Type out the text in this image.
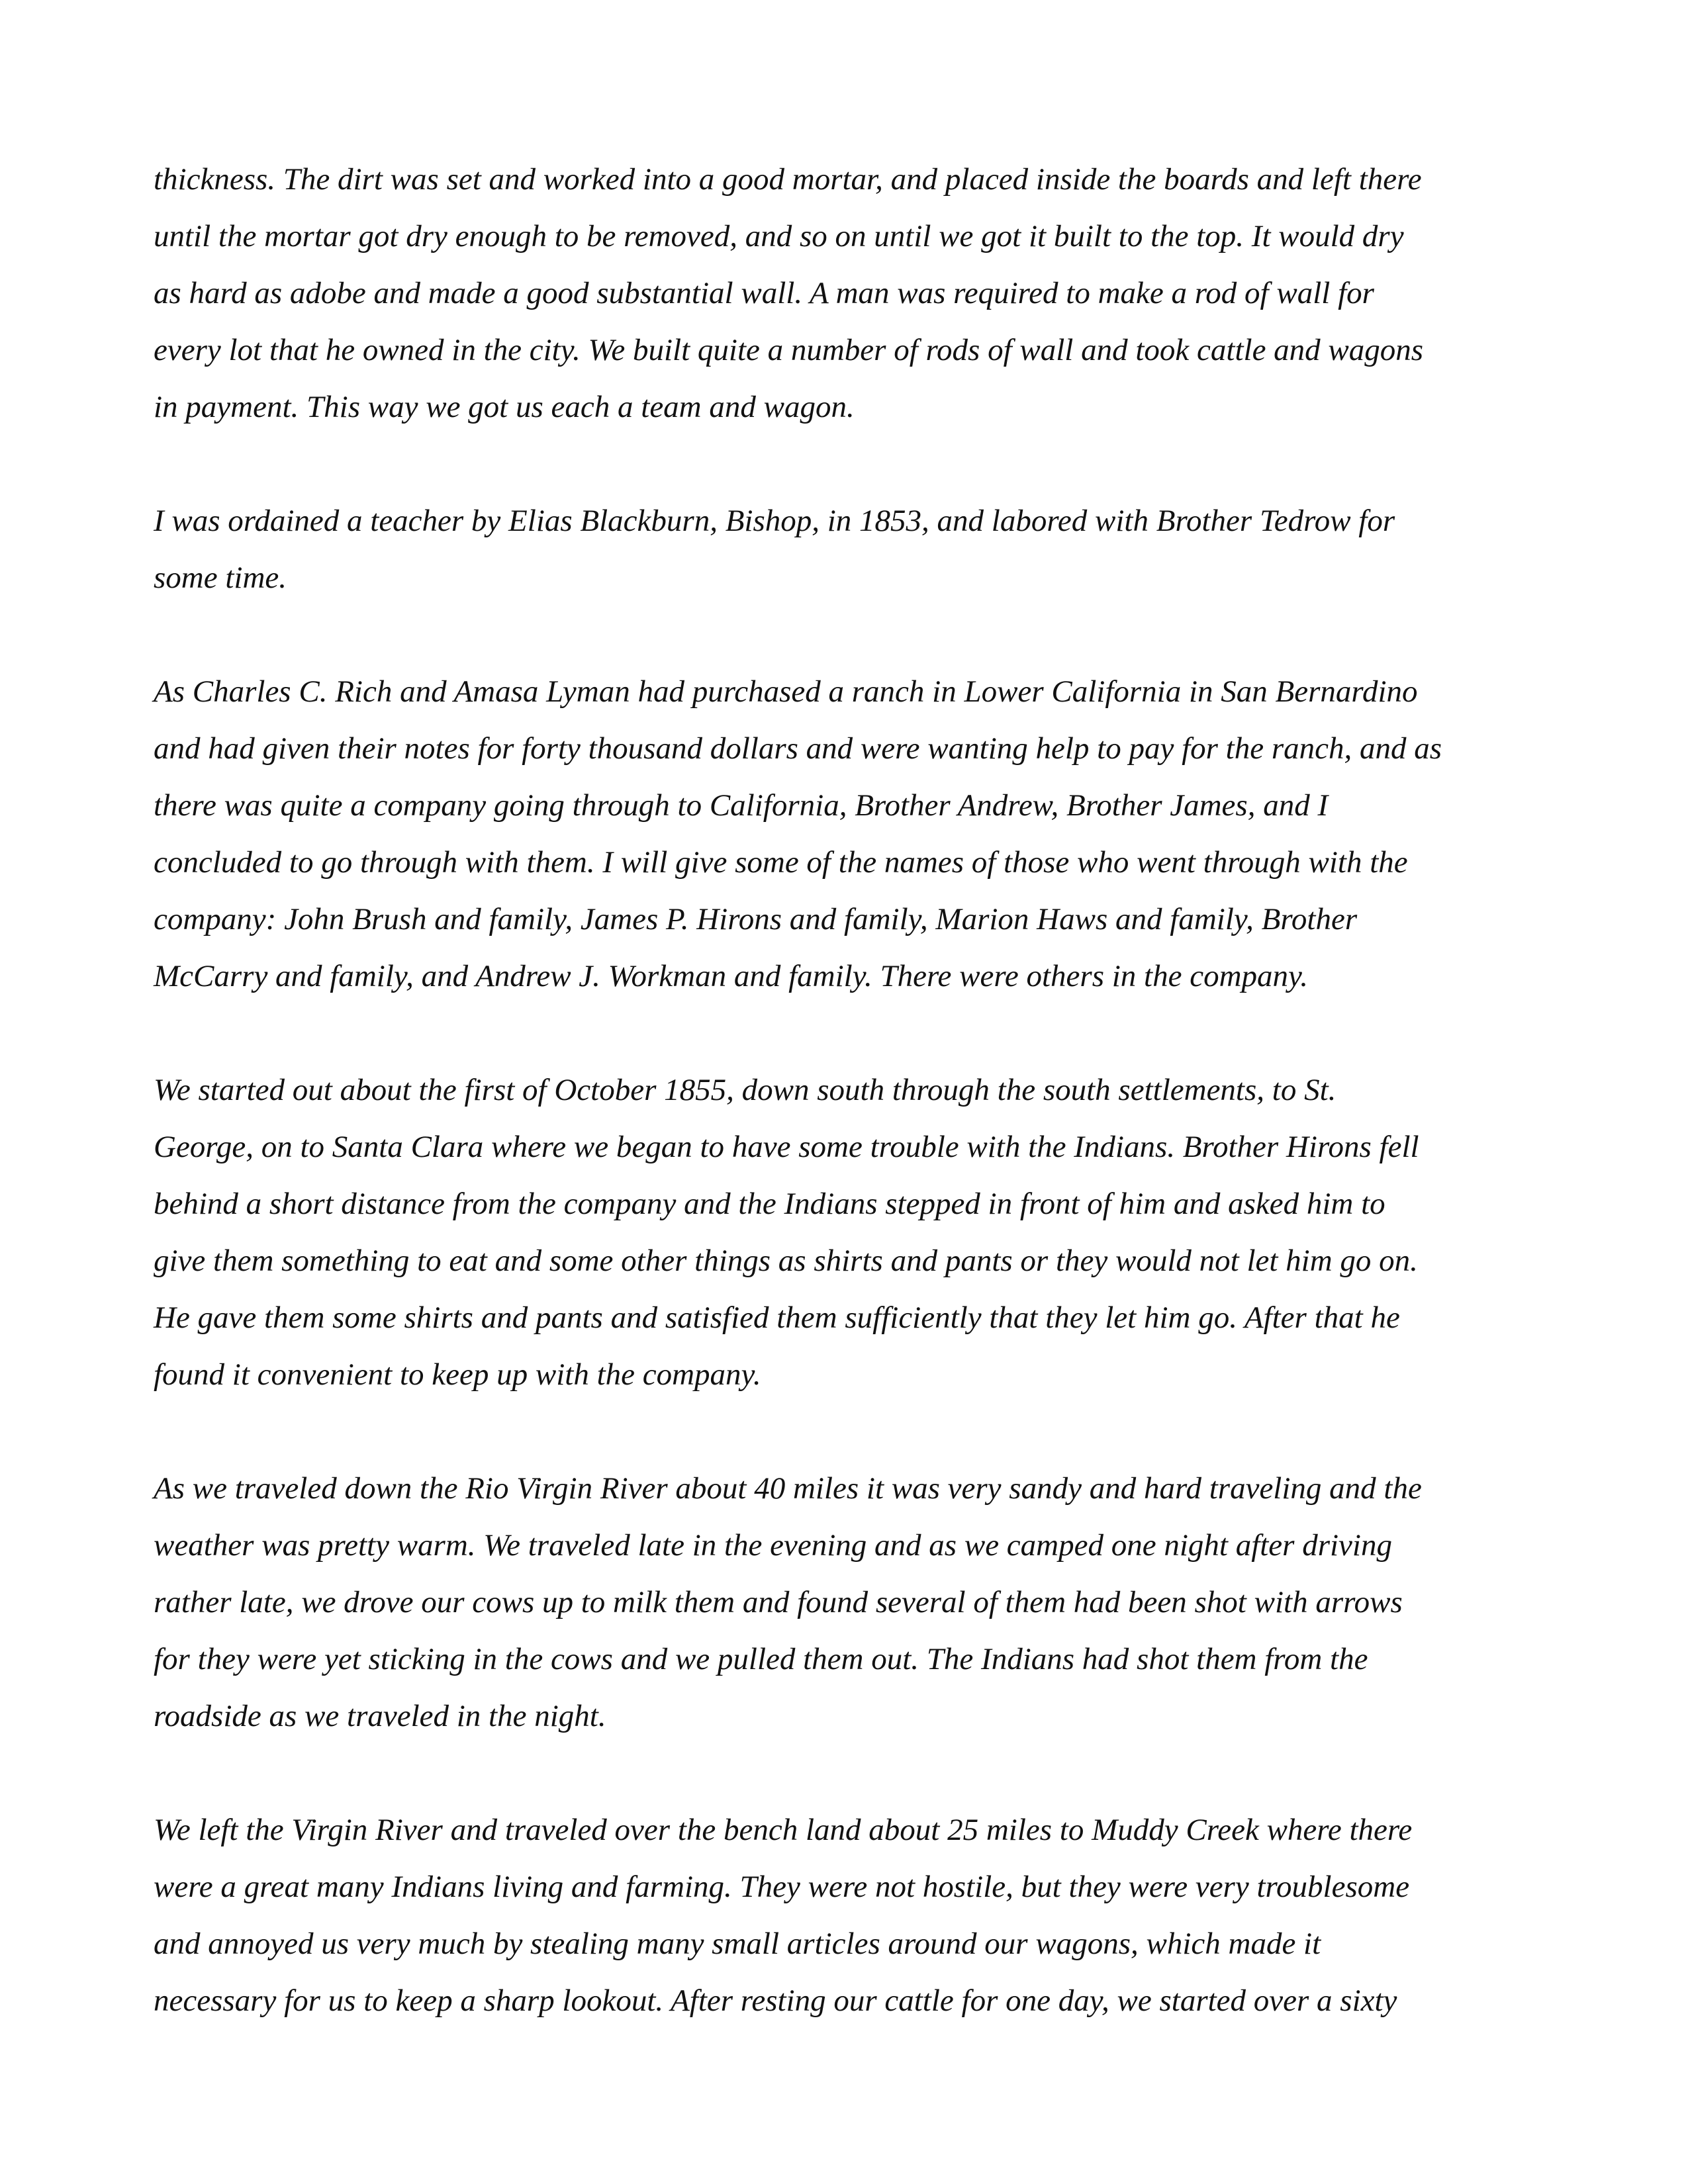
thickness. The dirt was set and worked into a good mortar, and placed inside the boards and left there
until the mortar got dry enough to be removed, and so on until we got it built to the top. It would dry
as hard as adobe and made a good substantial wall. A man was required to make a rod of wall for
every lot that he owned in the city. We built quite a number of rods of wall and took cattle and wagons
in payment. This way we got us each a team and wagon.

I was ordained a teacher by Elias Blackburn, Bishop, in 1853, and labored with Brother Tedrow for
some time.

As Charles C. Rich and Amasa Lyman had purchased a ranch in Lower California in San Bernardino
and had given their notes for forty thousand dollars and were wanting help to pay for the ranch, and as
there was quite a company going through to California, Brother Andrew, Brother James, and I
concluded to go through with them. I will give some of the names of those who went through with the
company: John Brush and family, James P. Hirons and family, Marion Haws and family, Brother
McCarry and family, and Andrew J. Workman and family. There were others in the company.

We started out about the first of October 1855, down south through the south settlements, to St.
George, on to Santa Clara where we began to have some trouble with the Indians. Brother Hirons fell
behind a short distance from the company and the Indians stepped in front of him and asked him to
give them something to eat and some other things as shirts and pants or they would not let him go on.
He gave them some shirts and pants and satisfied them sufficiently that they let him go. After that he
found it convenient to keep up with the company.

As we traveled down the Rio Virgin River about 40 miles it was very sandy and hard traveling and the
weather was pretty warm. We traveled late in the evening and as we camped one night after driving
rather late, we drove our cows up to milk them and found several of them had been shot with arrows
for they were yet sticking in the cows and we pulled them out. The Indians had shot them from the
roadside as we traveled in the night.

We left the Virgin River and traveled over the bench land about 25 miles to Muddy Creek where there
were a great many Indians living and farming. They were not hostile, but they were very troublesome
and annoyed us very much by stealing many small articles around our wagons, which made it
necessary for us to keep a sharp lookout. After resting our cattle for one day, we started over a sixty
